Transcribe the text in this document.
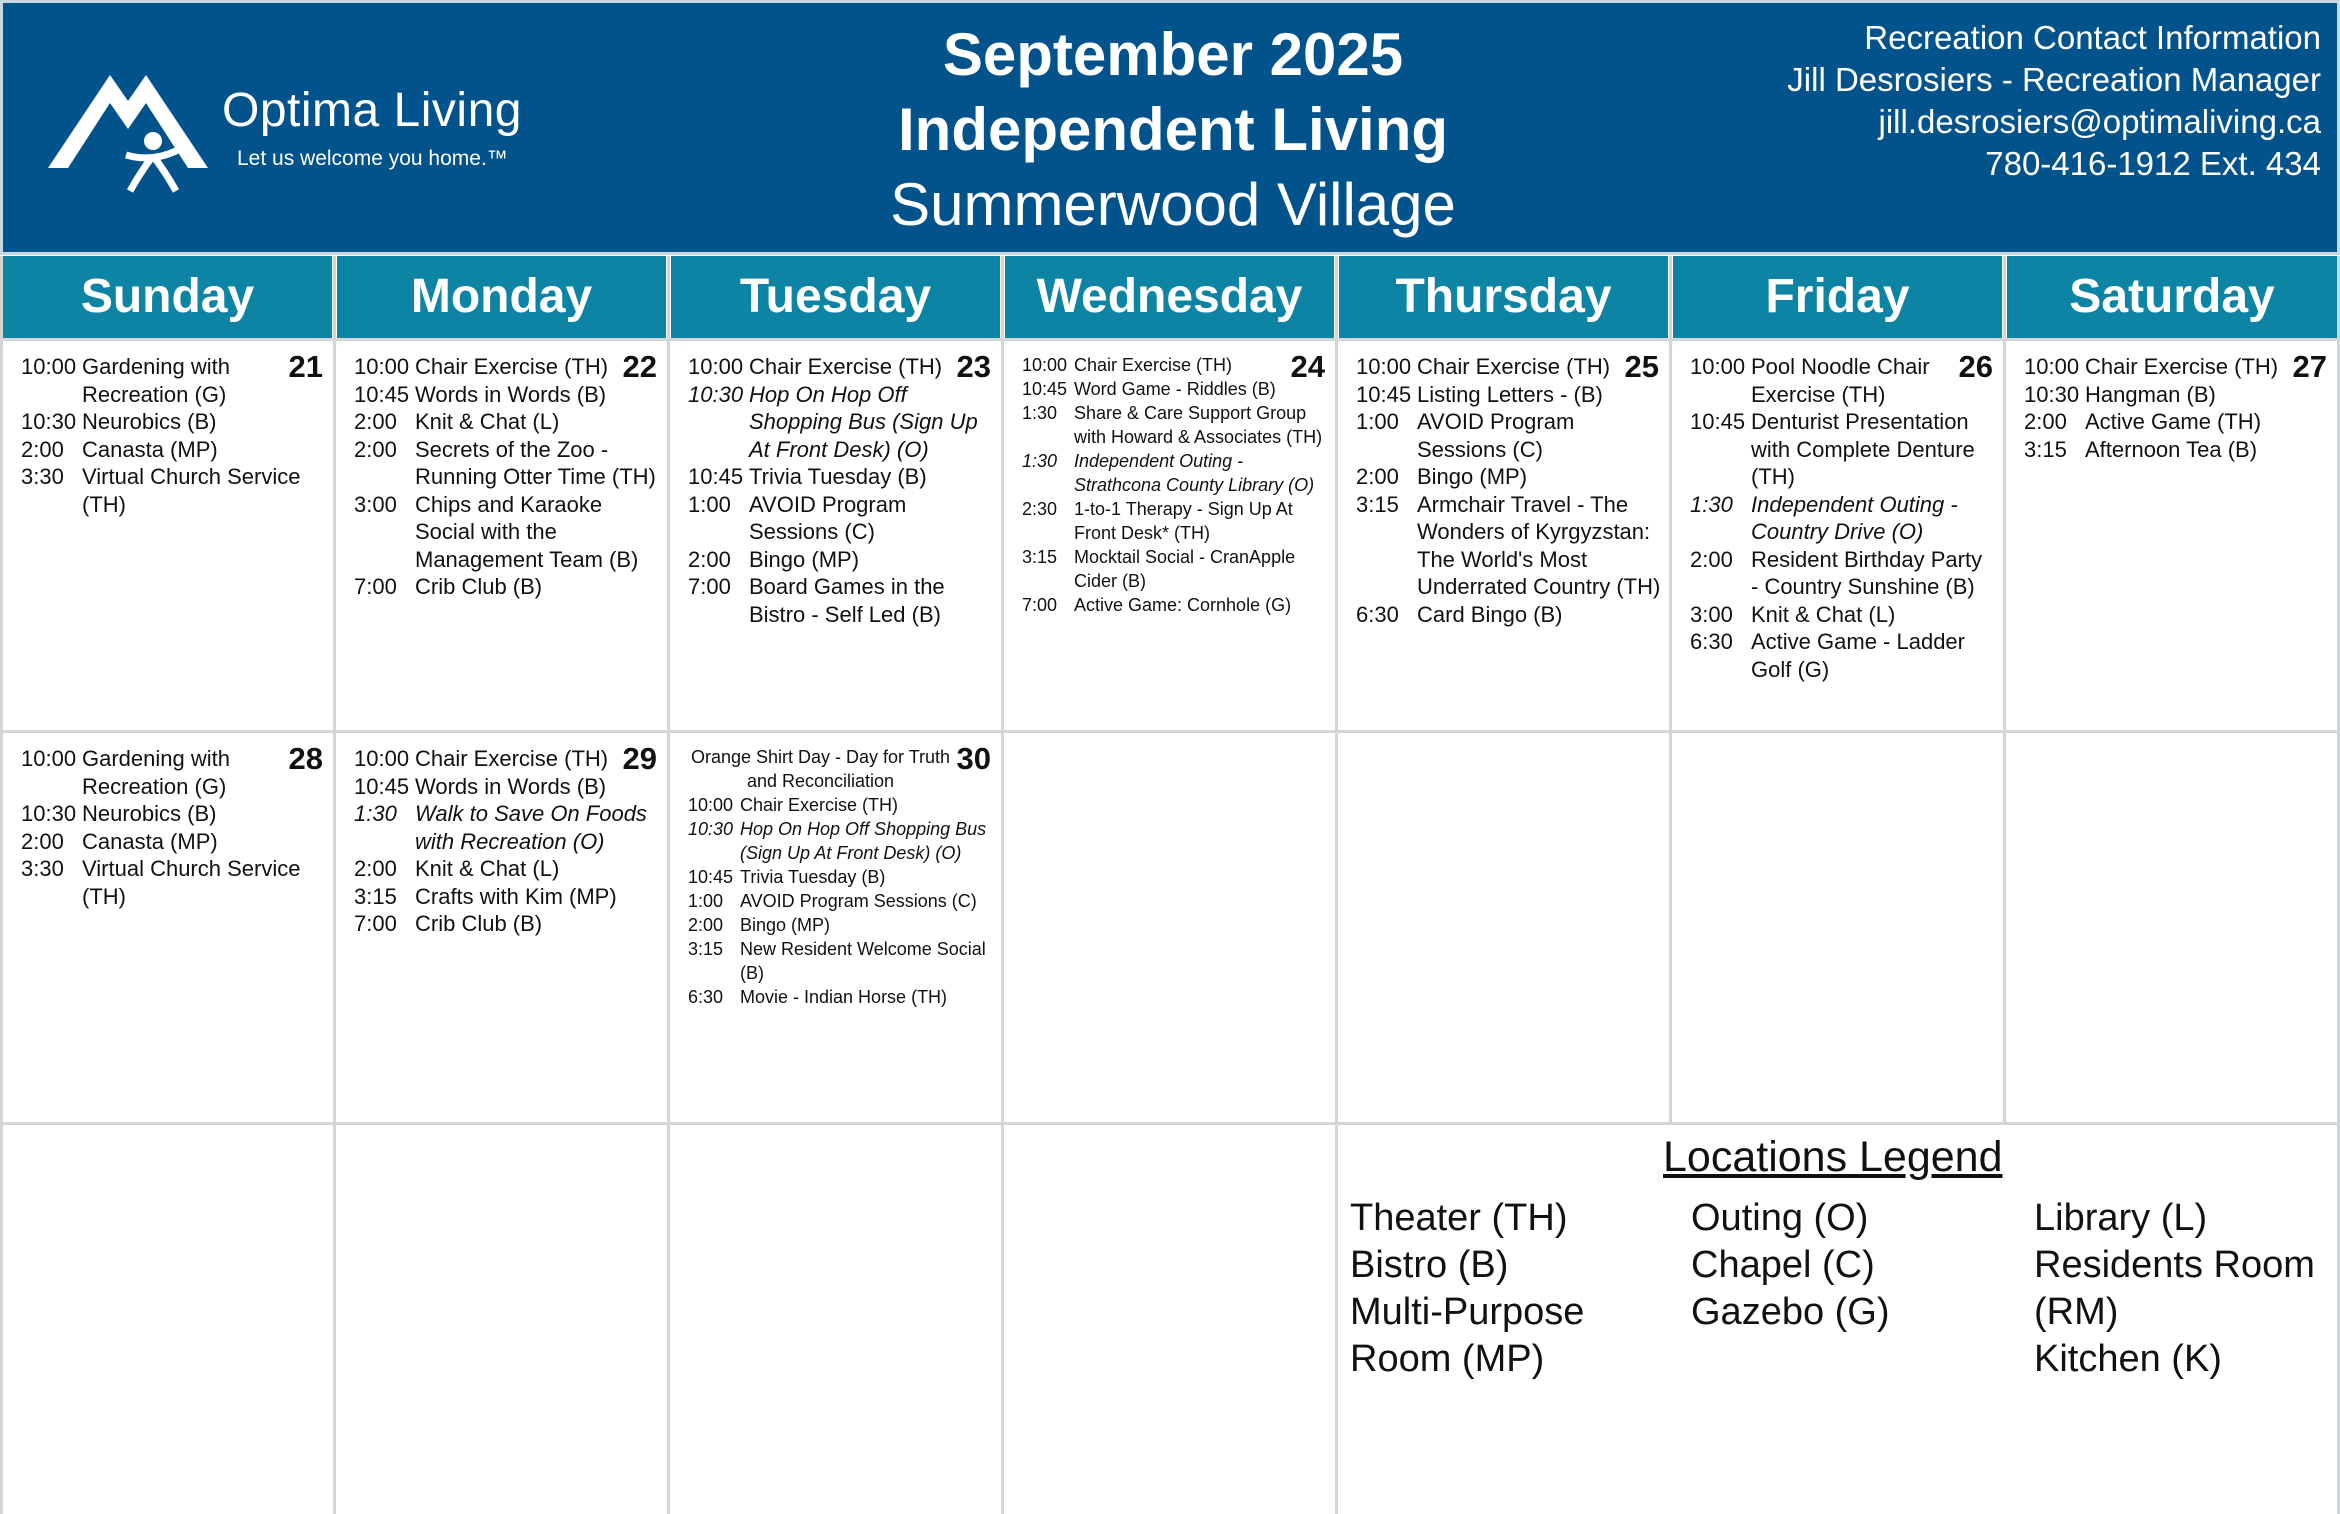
Optima Living
Let us welcome you home.™
September 2025
Independent Living
Summerwood Village
Recreation Contact Information
Jill Desrosiers - Recreation Manager
jill.desrosiers@optimaliving.ca
780-416-1912 Ext. 434
Sunday	Monday	Tuesday	Wednesday	Thursday	Friday	Saturday
21
10:00 Gardening with Recreation (G)
10:30 Neurobics (B)
2:00 Canasta (MP)
3:30 Virtual Church Service (TH)
22
10:00 Chair Exercise (TH)
10:45 Words in Words (B)
2:00 Knit & Chat (L)
2:00 Secrets of the Zoo - Running Otter Time (TH)
3:00 Chips and Karaoke Social with the Management Team (B)
7:00 Crib Club (B)
23
10:00 Chair Exercise (TH)
10:30 Hop On Hop Off Shopping Bus (Sign Up At Front Desk) (O)
10:45 Trivia Tuesday (B)
1:00 AVOID Program Sessions (C)
2:00 Bingo (MP)
7:00 Board Games in the Bistro - Self Led (B)
24
10:00 Chair Exercise (TH)
10:45 Word Game - Riddles (B)
1:30 Share & Care Support Group with Howard & Associates (TH)
1:30 Independent Outing - Strathcona County Library (O)
2:30 1-to-1 Therapy - Sign Up At Front Desk* (TH)
3:15 Mocktail Social - CranApple Cider (B)
7:00 Active Game: Cornhole (G)
25
10:00 Chair Exercise (TH)
10:45 Listing Letters - (B)
1:00 AVOID Program Sessions (C)
2:00 Bingo (MP)
3:15 Armchair Travel - The Wonders of Kyrgyzstan: The World's Most Underrated Country (TH)
6:30 Card Bingo (B)
26
10:00 Pool Noodle Chair Exercise (TH)
10:45 Denturist Presentation with Complete Denture (TH)
1:30 Independent Outing - Country Drive (O)
2:00 Resident Birthday Party - Country Sunshine (B)
3:00 Knit & Chat (L)
6:30 Active Game - Ladder Golf (G)
27
10:00 Chair Exercise (TH)
10:30 Hangman (B)
2:00 Active Game (TH)
3:15 Afternoon Tea (B)
28
10:00 Gardening with Recreation (G)
10:30 Neurobics (B)
2:00 Canasta (MP)
3:30 Virtual Church Service (TH)
29
10:00 Chair Exercise (TH)
10:45 Words in Words (B)
1:30 Walk to Save On Foods with Recreation (O)
2:00 Knit & Chat (L)
3:15 Crafts with Kim (MP)
7:00 Crib Club (B)
30
Orange Shirt Day - Day for Truth and Reconciliation
10:00 Chair Exercise (TH)
10:30 Hop On Hop Off Shopping Bus (Sign Up At Front Desk) (O)
10:45 Trivia Tuesday (B)
1:00 AVOID Program Sessions (C)
2:00 Bingo (MP)
3:15 New Resident Welcome Social (B)
6:30 Movie - Indian Horse (TH)
Locations Legend
Theater (TH)
Bistro (B)
Multi-Purpose
Room (MP)
Outing (O)
Chapel (C)
Gazebo (G)
Library (L)
Residents Room
(RM)
Kitchen (K)
